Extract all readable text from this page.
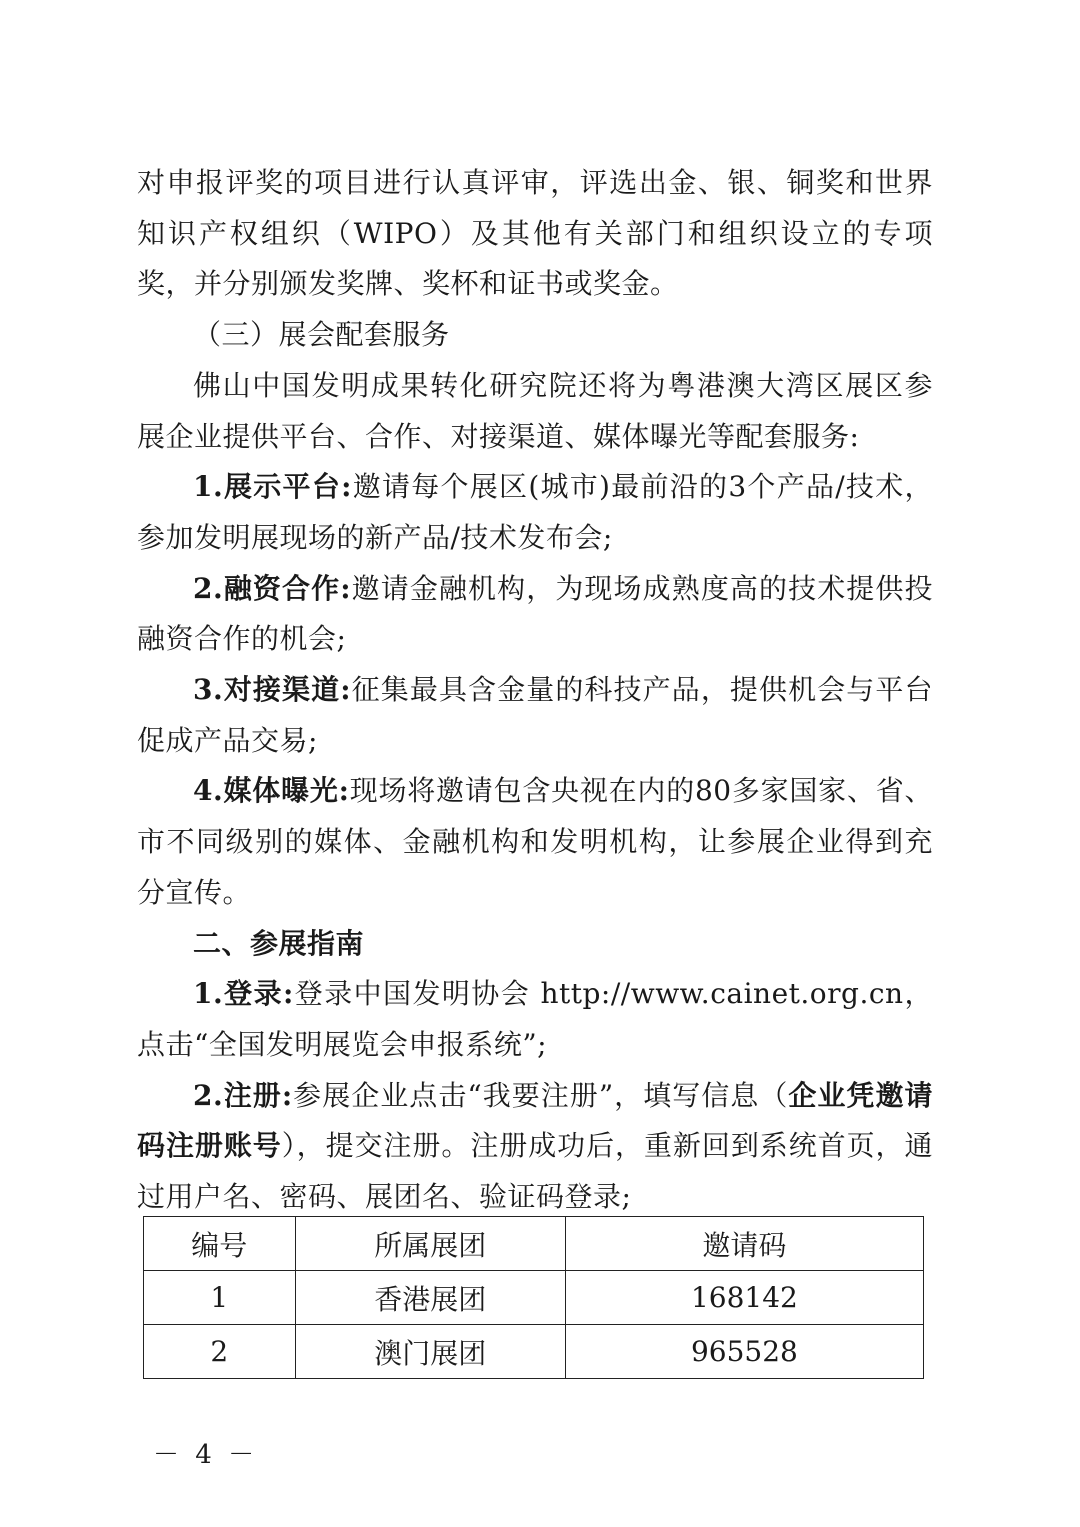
对申报评奖的项目进行认真评审，评选出金、银、铜奖和世界知识产权组织（WIPO）及其他有关部门和组织设立的专项奖，并分别颁发奖牌、奖杯和证书或奖金。

（三）展会配套服务

佛山中国发明成果转化研究院还将为粤港澳大湾区展区参展企业提供平台、合作、对接渠道、媒体曝光等配套服务:

1.展示平台:邀请每个展区(城市)最前沿的3个产品/技术，参加发明展现场的新产品/技术发布会;

2.融资合作:邀请金融机构，为现场成熟度高的技术提供投融资合作的机会;

3.对接渠道:征集最具含金量的科技产品，提供机会与平台促成产品交易;

4.媒体曝光:现场将邀请包含央视在内的80多家国家、省、市不同级别的媒体、金融机构和发明机构，让参展企业得到充分宣传。

二、参展指南

1.登录:登录中国发明协会 http://www.cainet.org.cn，点击“全国发明展览会申报系统”;

2.注册:参展企业点击“我要注册”，填写信息（企业凭邀请码注册账号），提交注册。注册成功后，重新回到系统首页，通过用户名、密码、展团名、验证码登录;

编号	所属展团	邀请码
1	香港展团	168142
2	澳门展团	965528
－ 4 －
